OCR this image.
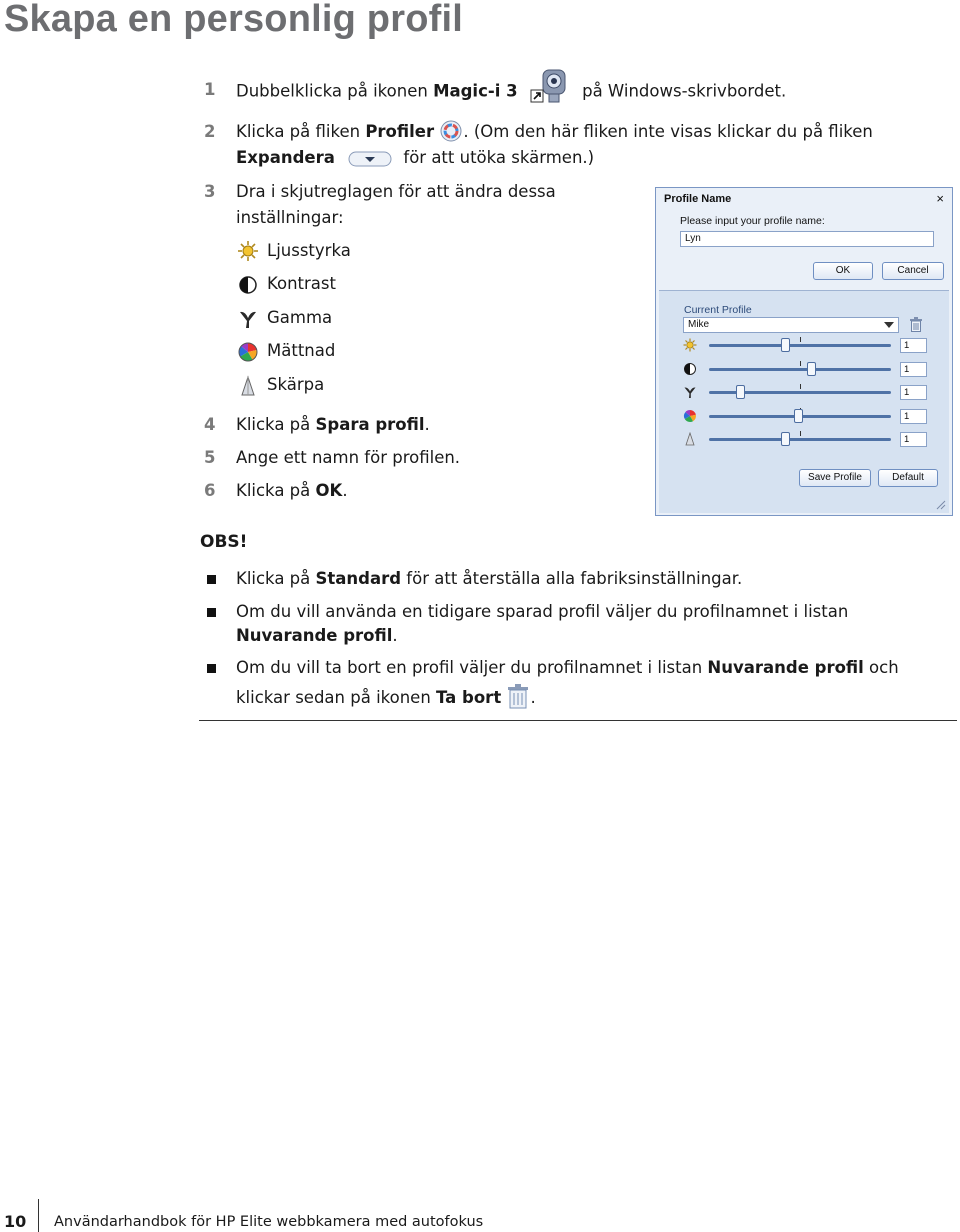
Skapa en personlig profil
1 Dubbelklicka på ikonen Magic-i 3	på Windows-skrivbordet.
2 Klicka på fliken Profiler . (Om den här fliken inte visas klickar du på fliken
Expandera	för att utöka skärmen.)
3 Dra i skjutreglagen för att ändra dessa
inställningar:
Ljusstyrka
Kontrast
Gamma
Mättnad
Skärpa
4 Klicka på Spara profil.
5 Ange ett namn för profilen.
6 Klicka på OK.
Profile Name	×
Please input your profile name:
Lyn
OK	Cancel
Current Profile
Mike
1
1
1
1
1
Save Profile	Default
OBS!
Klicka på Standard för att återställa alla fabriksinställningar.
Om du vill använda en tidigare sparad profil väljer du profilnamnet i listan
Nuvarande profil.
Om du vill ta bort en profil väljer du profilnamnet i listan Nuvarande profil och
klickar sedan på ikonen Ta bort .
10 Användarhandbok för HP Elite webbkamera med autofokus
